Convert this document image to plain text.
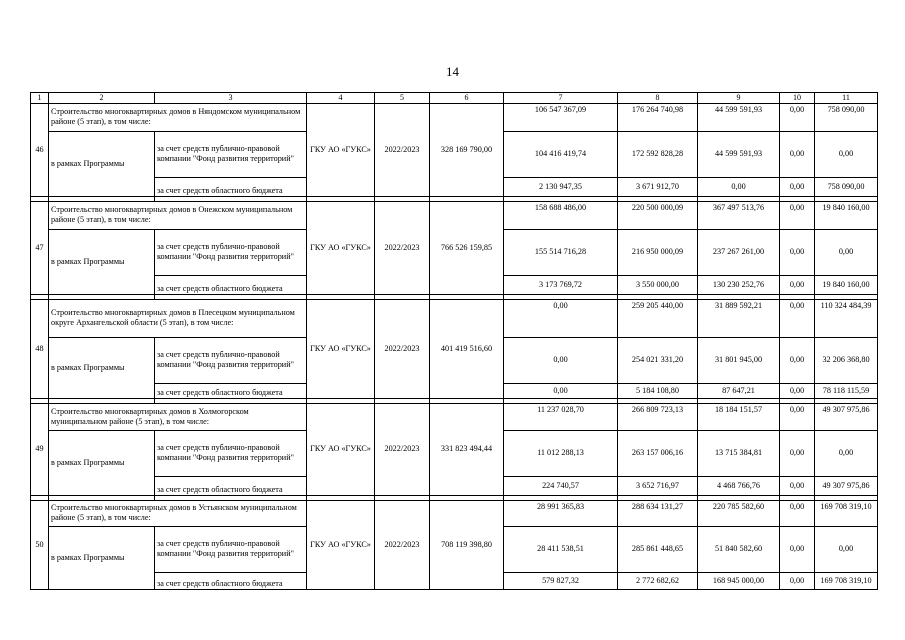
14
1	2	3	4	5	6	7	8	9	10	11
46	Строительство многоквартирных домов в Няндомском муниципальном районе (5 этап), в том числе:		ГКУ АО «ГУКС»	2022/2023	328 169 790,00	106 547 367,09	176 264 740,98	44 599 591,93	0,00	758 090,00
	в рамках Программы	за счет средств публично-правовой компании "Фонд развития территорий"				104 416 419,74	172 592 828,28	44 599 591,93	0,00	0,00
		за счет средств областного бюджета				2 130 947,35	3 671 912,70	0,00	0,00	758 090,00

47	Строительство многоквартирных домов в Онежском муниципальном районе (5 этап), в том числе:		ГКУ АО «ГУКС»	2022/2023	766 526 159,85	158 688 486,00	220 500 000,09	367 497 513,76	0,00	19 840 160,00
	в рамках Программы	за счет средств публично-правовой компании "Фонд развития территорий"				155 514 716,28	216 950 000,09	237 267 261,00	0,00	0,00
		за счет средств областного бюджета				3 173 769,72	3 550 000,00	130 230 252,76	0,00	19 840 160,00

48	Строительство многоквартирных домов в Плесецком муниципальном округе Архангельской области (5 этап), в том числе:		ГКУ АО «ГУКС»	2022/2023	401 419 516,60	0,00	259 205 440,00	31 889 592,21	0,00	110 324 484,39
	в рамках Программы	за счет средств публично-правовой компании "Фонд развития территорий"				0,00	254 021 331,20	31 801 945,00	0,00	32 206 368,80
		за счет средств областного бюджета				0,00	5 184 108,80	87 647,21	0,00	78 118 115,59

49	Строительство многоквартирных домов в Холмогорском муниципальном районе (5 этап), в том числе:		ГКУ АО «ГУКС»	2022/2023	331 823 494,44	11 237 028,70	266 809 723,13	18 184 151,57	0,00	49 307 975,86
	в рамках Программы	за счет средств публично-правовой компании "Фонд развития территорий"				11 012 288,13	263 157 006,16	13 715 384,81	0,00	0,00
		за счет средств областного бюджета				224 740,57	3 652 716,97	4 468 766,76	0,00	49 307 975,86

50	Строительство многоквартирных домов в Устьянском муниципальном районе (5 этап), в том числе:		ГКУ АО «ГУКС»	2022/2023	708 119 398,80	28 991 365,83	288 634 131,27	220 785 582,60	0,00	169 708 319,10
	в рамках Программы	за счет средств публично-правовой компании "Фонд развития территорий"				28 411 538,51	285 861 448,65	51 840 582,60	0,00	0,00
		за счет средств областного бюджета				579 827,32	2 772 682,62	168 945 000,00	0,00	169 708 319,10
